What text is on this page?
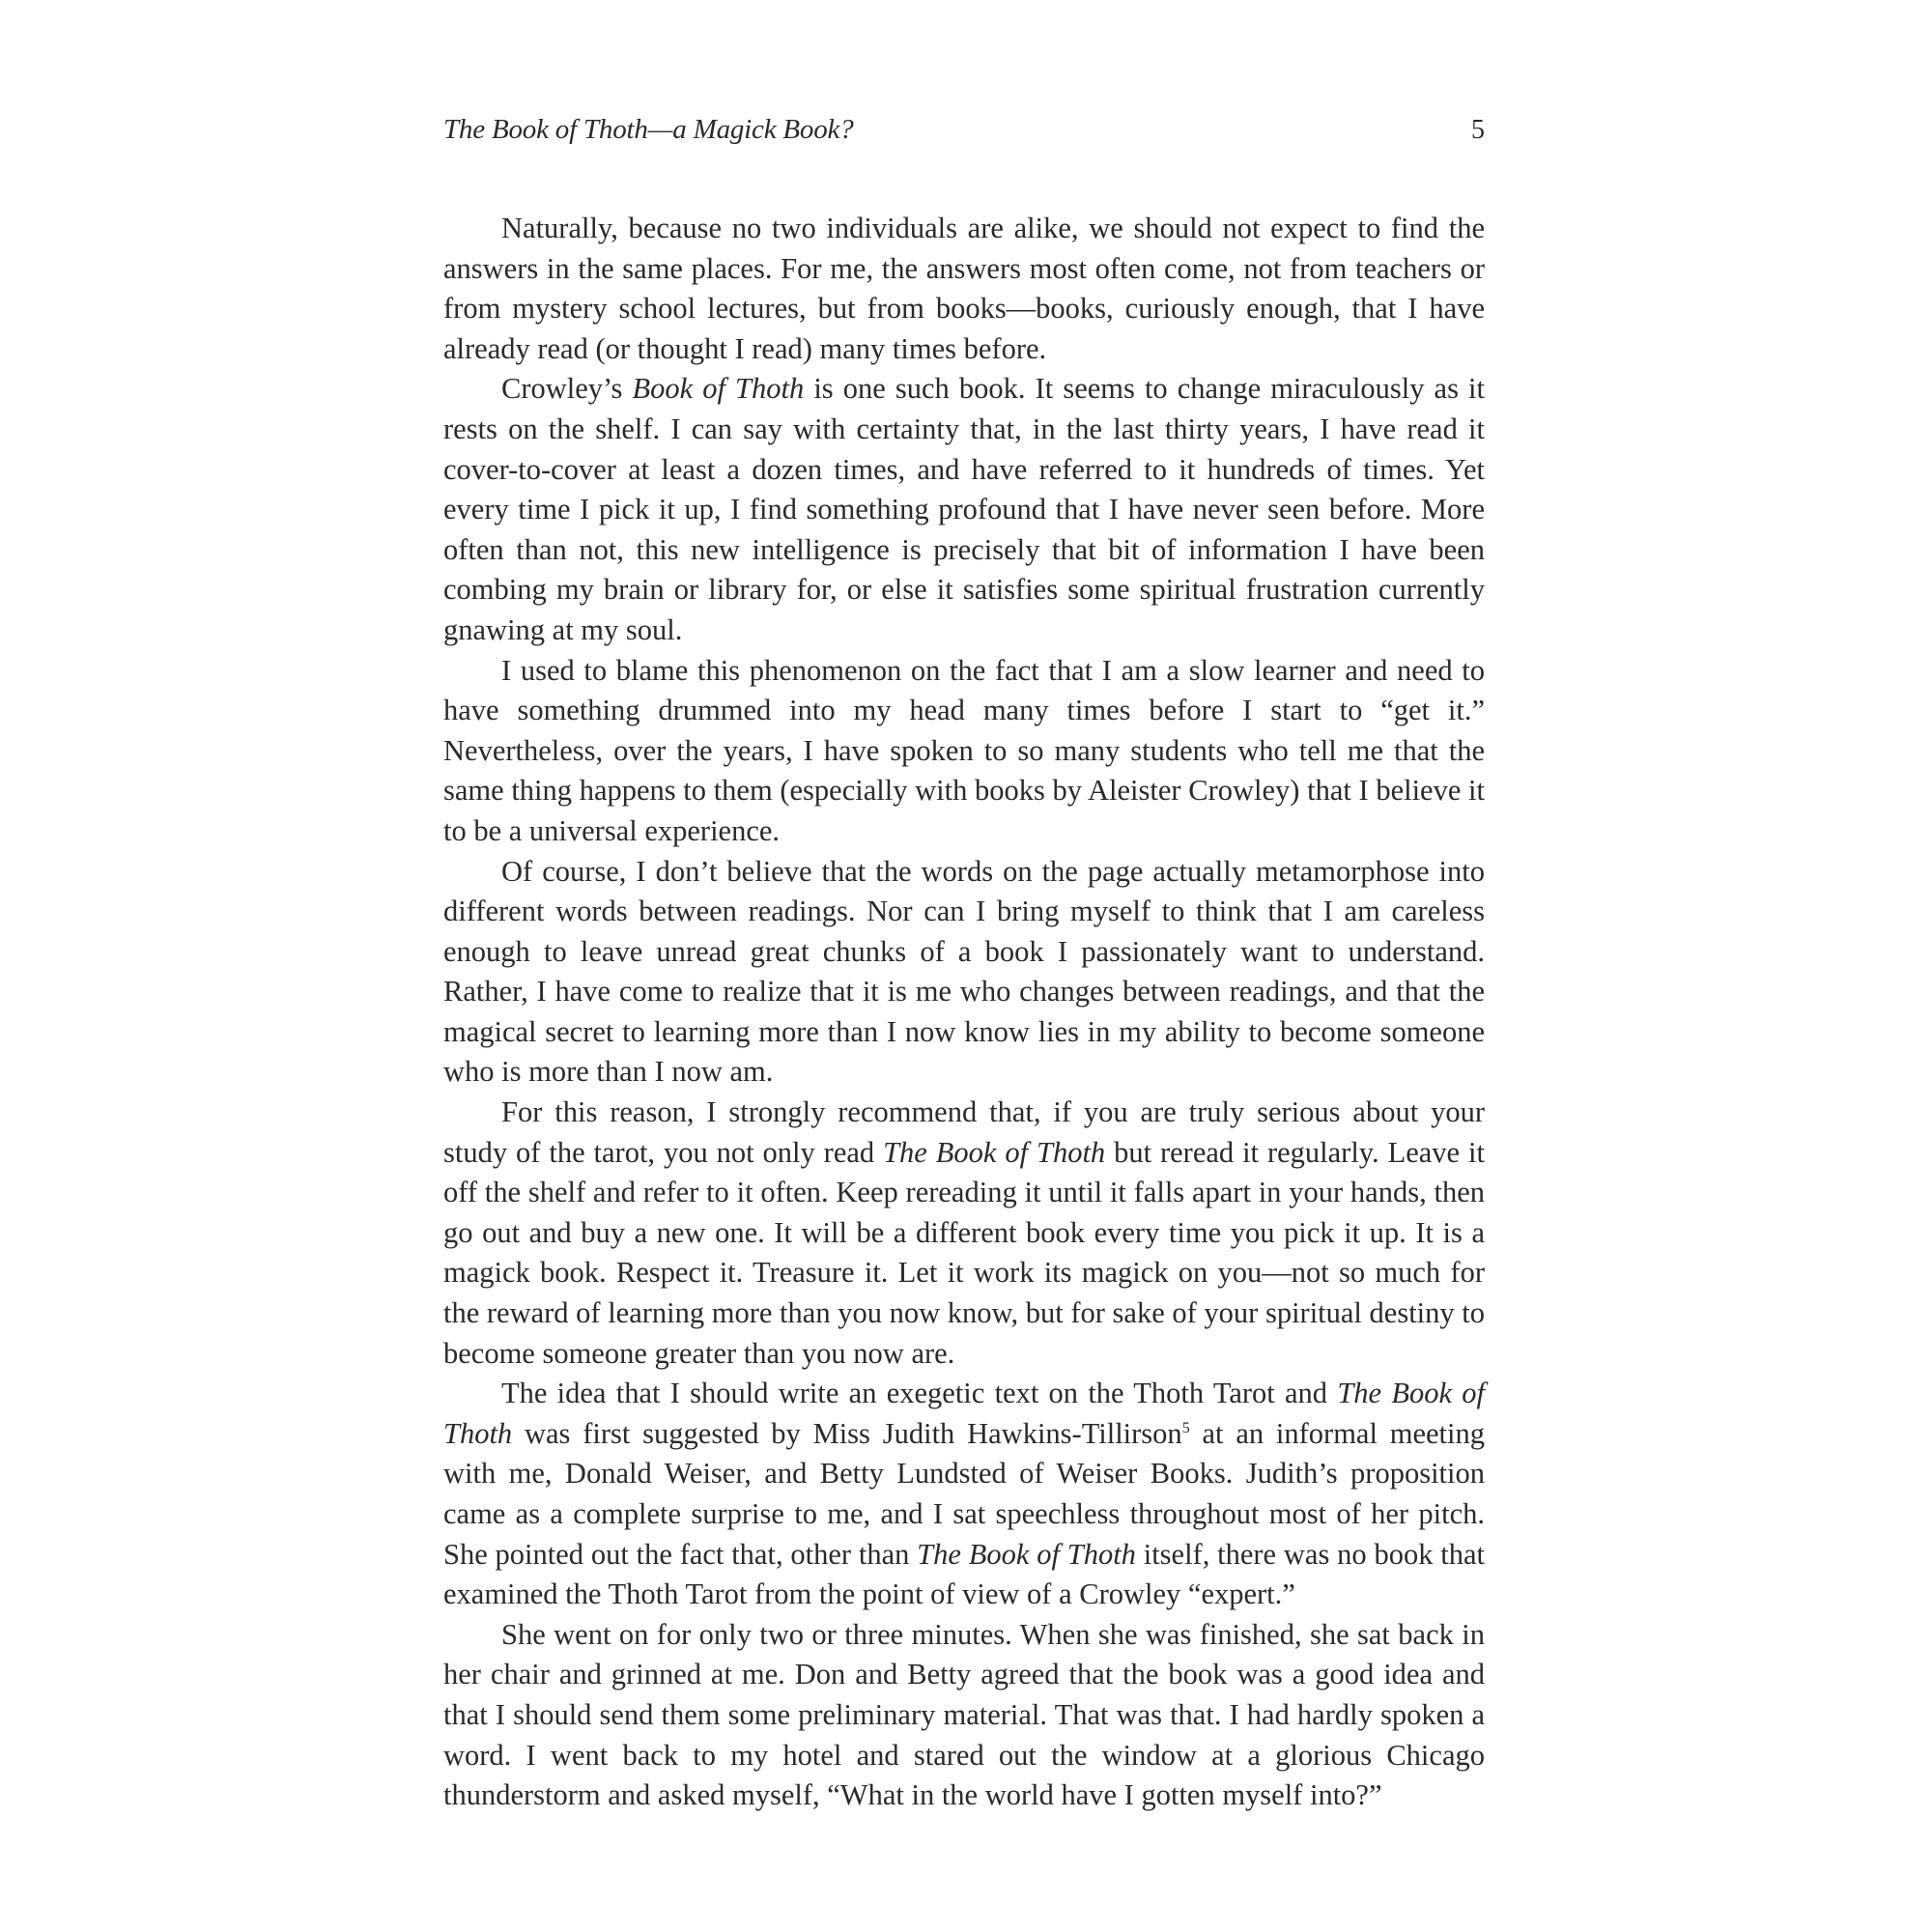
The Book of Thoth—a Magick Book?	5

Naturally, because no two individuals are alike, we should not expect to find the answers in the same places. For me, the answers most often come, not from teachers or from mystery school lectures, but from books—books, curiously enough, that I have already read (or thought I read) many times before.

Crowley’s Book of Thoth is one such book. It seems to change miraculously as it rests on the shelf. I can say with certainty that, in the last thirty years, I have read it cover-to-cover at least a dozen times, and have referred to it hundreds of times. Yet every time I pick it up, I find something profound that I have never seen before. More often than not, this new intelligence is precisely that bit of information I have been combing my brain or library for, or else it satisfies some spiritual frustration currently gnawing at my soul.

I used to blame this phenomenon on the fact that I am a slow learner and need to have something drummed into my head many times before I start to “get it.” Nevertheless, over the years, I have spoken to so many students who tell me that the same thing happens to them (especially with books by Aleister Crowley) that I believe it to be a universal experience.

Of course, I don’t believe that the words on the page actually metamorphose into different words between readings. Nor can I bring myself to think that I am careless enough to leave unread great chunks of a book I passionately want to understand. Rather, I have come to realize that it is me who changes between readings, and that the magical secret to learning more than I now know lies in my ability to become someone who is more than I now am.

For this reason, I strongly recommend that, if you are truly serious about your study of the tarot, you not only read The Book of Thoth but reread it regularly. Leave it off the shelf and refer to it often. Keep rereading it until it falls apart in your hands, then go out and buy a new one. It will be a different book every time you pick it up. It is a magick book. Respect it. Treasure it. Let it work its magick on you—not so much for the reward of learning more than you now know, but for sake of your spiritual destiny to become someone greater than you now are.

The idea that I should write an exegetic text on the Thoth Tarot and The Book of Thoth was first suggested by Miss Judith Hawkins-Tillirson$^5$ at an informal meeting with me, Donald Weiser, and Betty Lundsted of Weiser Books. Judith’s proposition came as a complete surprise to me, and I sat speechless throughout most of her pitch. She pointed out the fact that, other than The Book of Thoth itself, there was no book that examined the Thoth Tarot from the point of view of a Crowley “expert.”

She went on for only two or three minutes. When she was finished, she sat back in her chair and grinned at me. Don and Betty agreed that the book was a good idea and that I should send them some preliminary material. That was that. I had hardly spoken a word. I went back to my hotel and stared out the window at a glorious Chicago thunderstorm and asked myself, “What in the world have I gotten myself into?”
